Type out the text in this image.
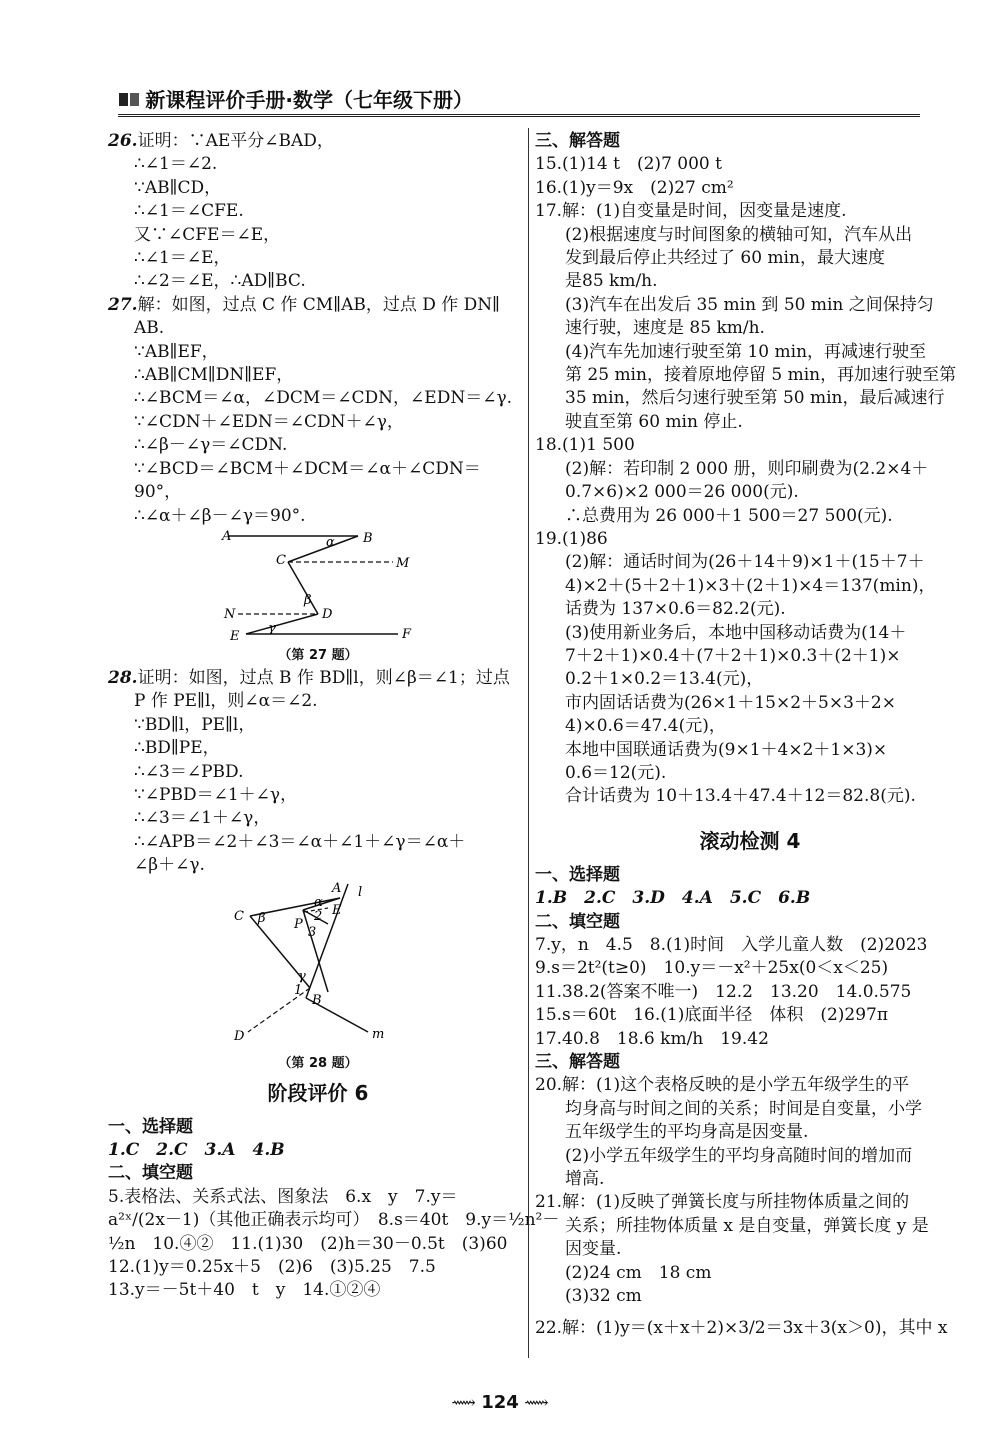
新课程评价手册·数学（七年级下册）
26.证明：∵AE平分∠BAD，
∴∠1＝∠2.
∵AB∥CD，
∴∠1＝∠CFE.
又∵∠CFE＝∠E，
∴∠1＝∠E，
∴∠2＝∠E，∴AD∥BC.
27.解：如图，过点 C 作 CM∥AB，过点 D 作 DN∥
AB.
∵AB∥EF，
∴AB∥CM∥DN∥EF，
∴∠BCM＝∠α，∠DCM＝∠CDN，∠EDN＝∠γ.
∵∠CDN＋∠EDN＝∠CDN＋∠γ，
∴∠β－∠γ＝∠CDN.
∵∠BCD＝∠BCM＋∠DCM＝∠α＋∠CDN＝
90°，
∴∠α＋∠β－∠γ＝90°.
A	B
α
C	M
N
β
D
E
γ	F
（第 27 题）
28.证明：如图，过点 B 作 BD∥l，则∠β＝∠1；过点
P 作 PE∥l，则∠α＝∠2.
∵BD∥l，PE∥l，
∴BD∥PE，
∴∠3＝∠PBD.
∵∠PBD＝∠1＋∠γ，
∴∠3＝∠1＋∠γ，
∴∠APB＝∠2＋∠3＝∠α＋∠1＋∠γ＝∠α＋
∠β＋∠γ.
A l
α
2 E
P
C β
3
γ
1
B
D	m
（第 28 题）
阶段评价 6
一、选择题
1.C　2.C　3.A　4.B
二、填空题
5.表格法、关系式法、图象法　6.x　y　7.y＝
a²ˣ/(2x－1)（其他正确表示均可）　8.s＝40t　9.y＝½n²－
½n　10.④②　11.(1)30　(2)h＝30－0.5t　(3)60
12.(1)y＝0.25x＋5　(2)6　(3)5.25　7.5
13.y＝－5t＋40　t　y　14.①②④
三、解答题
15.(1)14 t　(2)7 000 t
16.(1)y＝9x　(2)27 cm²
17.解：(1)自变量是时间，因变量是速度.
(2)根据速度与时间图象的横轴可知，汽车从出
发到最后停止共经过了 60 min，最大速度
是85 km/h.
(3)汽车在出发后 35 min 到 50 min 之间保持匀
速行驶，速度是 85 km/h.
(4)汽车先加速行驶至第 10 min，再减速行驶至
第 25 min，接着原地停留 5 min，再加速行驶至第
35 min，然后匀速行驶至第 50 min，最后减速行
驶直至第 60 min 停止.
18.(1)1 500
(2)解：若印制 2 000 册，则印刷费为(2.2×4＋
0.7×6)×2 000＝26 000(元).
∴总费用为 26 000＋1 500＝27 500(元).
19.(1)86
(2)解：通话时间为(26＋14＋9)×1＋(15＋7＋
4)×2＋(5＋2＋1)×3＋(2＋1)×4＝137(min)，
话费为 137×0.6＝82.2(元).
(3)使用新业务后，本地中国移动话费为(14＋
7＋2＋1)×0.4＋(7＋2＋1)×0.3＋(2＋1)×
0.2＋1×0.2＝13.4(元)，
市内固话话费为(26×1＋15×2＋5×3＋2×
4)×0.6＝47.4(元)，
本地中国联通话费为(9×1＋4×2＋1×3)×
0.6＝12(元).
合计话费为 10＋13.4＋47.4＋12＝82.8(元).
滚动检测 4
一、选择题
1.B　2.C　3.D　4.A　5.C　6.B
二、填空题
7.y，n　4.5　8.(1)时间　入学儿童人数　(2)2023
9.s＝2t²(t≥0)　10.y＝－x²＋25x(0＜x＜25)
11.38.2(答案不唯一)　12.2　13.20　14.0.575
15.s＝60t　16.(1)底面半径　体积　(2)297π
17.40.8　18.6 km/h　19.42
三、解答题
20.解：(1)这个表格反映的是小学五年级学生的平
均身高与时间之间的关系；时间是自变量，小学
五年级学生的平均身高是因变量.
(2)小学五年级学生的平均身高随时间的增加而
增高.
21.解：(1)反映了弹簧长度与所挂物体质量之间的
关系；所挂物体质量 x 是自变量，弹簧长度 y 是
因变量.
(2)24 cm　18 cm
(3)32 cm
22.解：(1)y＝(x＋x＋2)×3/2＝3x＋3(x＞0)，其中 x
⟿ 124 ⟿
